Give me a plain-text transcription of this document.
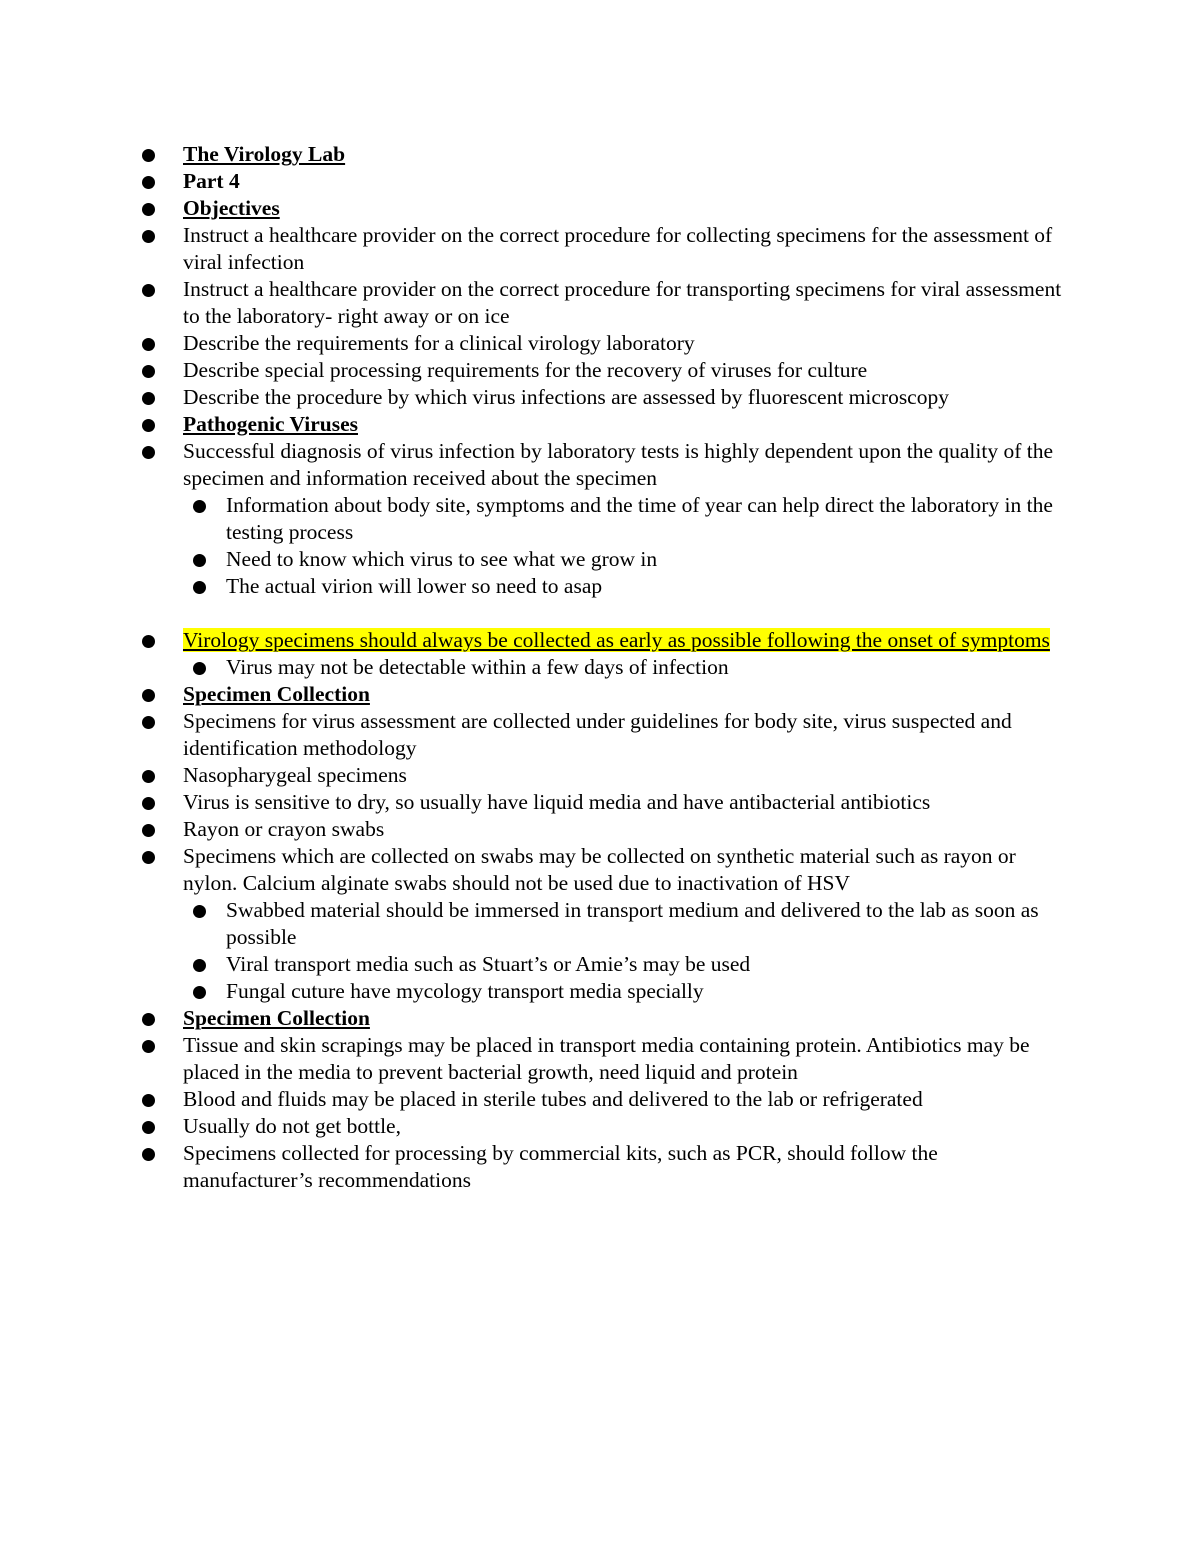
The Virology Lab
Part 4
Objectives
Instruct a healthcare provider on the correct procedure for collecting specimens for the assessment of viral infection
Instruct a healthcare provider on the correct procedure for transporting specimens for viral assessment to the laboratory- right away or on ice
Describe the requirements for a clinical virology laboratory
Describe special processing requirements for the recovery of viruses for culture
Describe the procedure by which virus infections are assessed by fluorescent microscopy
Pathogenic Viruses
Successful diagnosis of virus infection by laboratory tests is highly dependent upon the quality of the specimen and information received about the specimen
Information about body site, symptoms and the time of year can help direct the laboratory in the testing process
Need to know which virus to see what we grow in
The actual virion will lower so need to asap
Virology specimens should always be collected as early as possible following the onset of symptoms
Virus may not be detectable within a few days of infection
Specimen Collection
Specimens for virus assessment are collected under guidelines for body site, virus suspected and identification methodology
Nasopharygeal specimens
Virus is sensitive to dry, so usually have liquid media and have antibacterial antibiotics
Rayon or crayon swabs
Specimens which are collected on swabs may be collected on synthetic material such as rayon or nylon. Calcium alginate swabs should not be used due to inactivation of HSV
Swabbed material should be immersed in transport medium and delivered to the lab as soon as possible
Viral transport media such as Stuart’s or Amie’s may be used
Fungal cuture have mycology transport media specially
Specimen Collection
Tissue and skin scrapings may be placed in transport media containing protein. Antibiotics may be placed in the media to prevent bacterial growth, need liquid and protein
Blood and fluids may be placed in sterile tubes and delivered to the lab or refrigerated
Usually do not get bottle,
Specimens collected for processing by commercial kits, such as PCR, should follow the manufacturer’s recommendations
